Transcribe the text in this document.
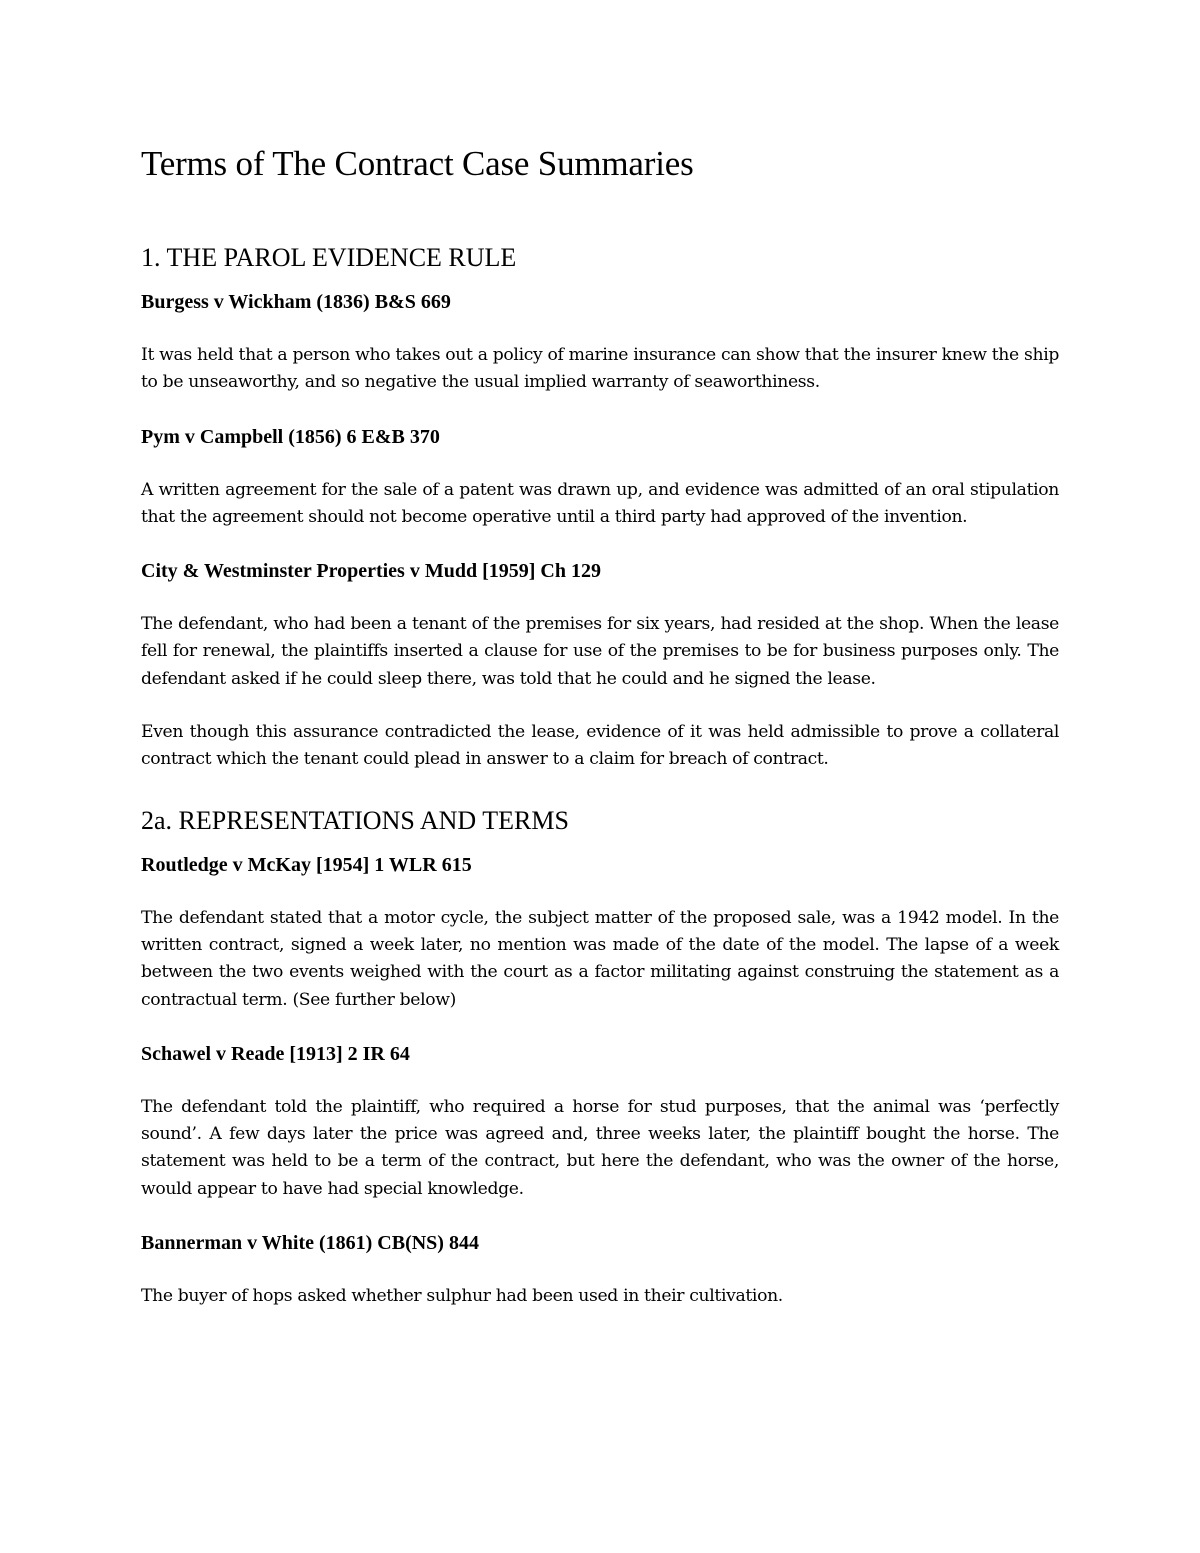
Terms of The Contract Case Summaries
1. THE PAROL EVIDENCE RULE
Burgess v Wickham (1836) B&S 669

It was held that a person who takes out a policy of marine insurance can show that the insurer knew the ship to be unseaworthy, and so negative the usual implied warranty of seaworthiness.

Pym v Campbell (1856) 6 E&B 370

A written agreement for the sale of a patent was drawn up, and evidence was admitted of an oral stipulation that the agreement should not become operative until a third party had approved of the invention.

City & Westminster Properties v Mudd [1959] Ch 129

The defendant, who had been a tenant of the premises for six years, had resided at the shop. When the lease fell for renewal, the plaintiffs inserted a clause for use of the premises to be for business purposes only. The defendant asked if he could sleep there, was told that he could and he signed the lease.

Even though this assurance contradicted the lease, evidence of it was held admissible to prove a collateral contract which the tenant could plead in answer to a claim for breach of contract.

2a. REPRESENTATIONS AND TERMS
Routledge v McKay [1954] 1 WLR 615

The defendant stated that a motor cycle, the subject matter of the proposed sale, was a 1942 model. In the written contract, signed a week later, no mention was made of the date of the model. The lapse of a week between the two events weighed with the court as a factor militating against construing the statement as a contractual term. (See further below)

Schawel v Reade [1913] 2 IR 64

The defendant told the plaintiff, who required a horse for stud purposes, that the animal was ‘perfectly sound’. A few days later the price was agreed and, three weeks later, the plaintiff bought the horse. The statement was held to be a term of the contract, but here the defendant, who was the owner of the horse, would appear to have had special knowledge.

Bannerman v White (1861) CB(NS) 844

The buyer of hops asked whether sulphur had been used in their cultivation.
